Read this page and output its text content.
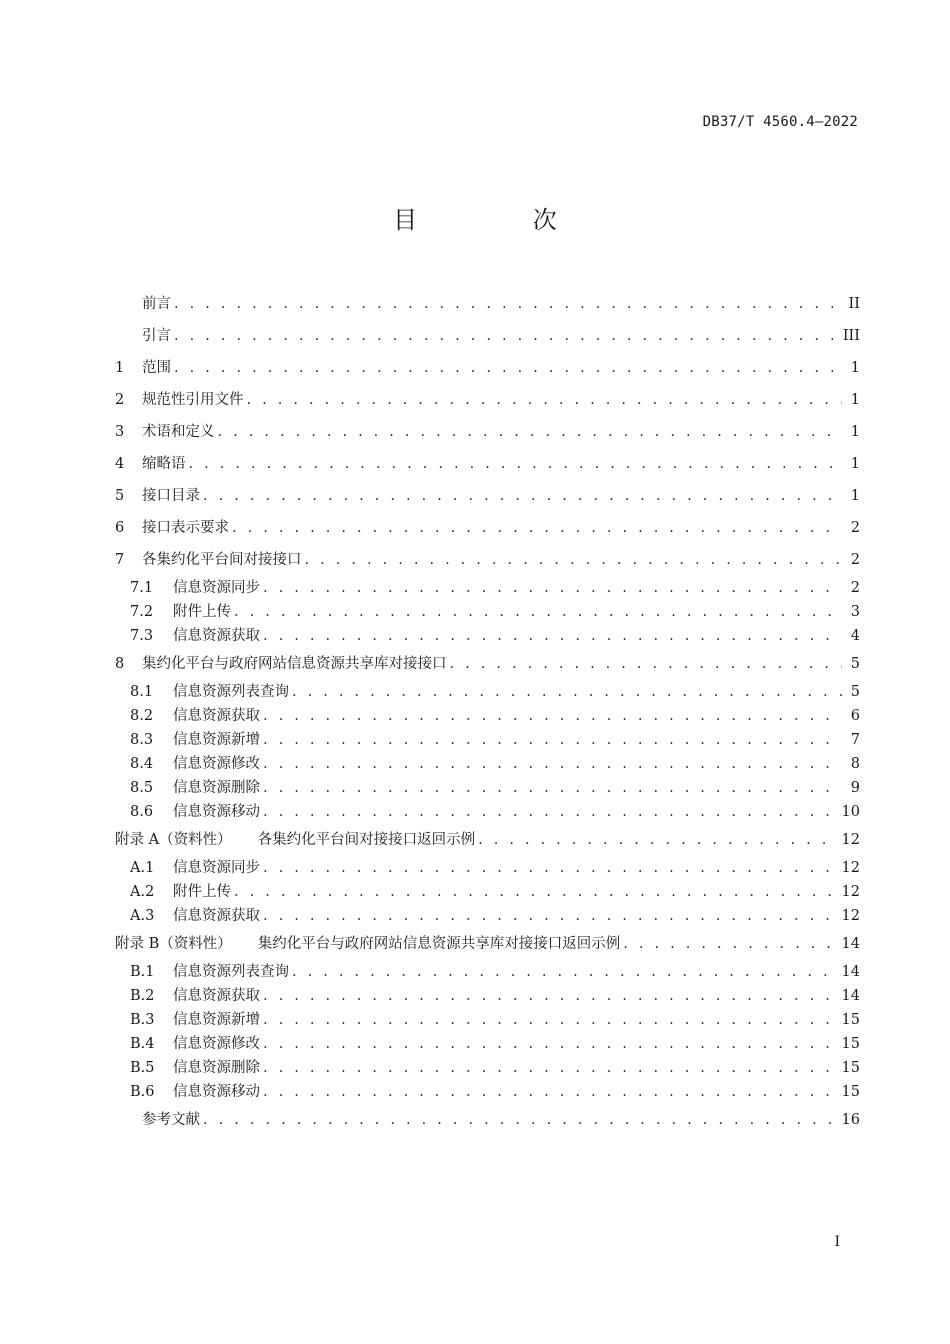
DB37/T 4560.4—2022
目 次
前言 . . .	II
引言 . . .	III
1	范围 . . .	1
2	规范性引用文件 . . .	1
3	术语和定义 . . .	1
4	缩略语 . . .	1
5	接口目录 . . .	1
6	接口表示要求 . . .	2
7	各集约化平台间对接接口 . . .	2
7.1	信息资源同步 . . .	2
7.2	附件上传 . . .	3
7.3	信息资源获取 . . .	4
8	集约化平台与政府网站信息资源共享库对接接口 . . .	5
8.1	信息资源列表查询 . . .	5
8.2	信息资源获取 . . .	6
8.3	信息资源新增 . . .	7
8.4	信息资源修改 . . .	8
8.5	信息资源删除 . . .	9
8.6	信息资源移动 . . .	10
附录 A（资料性） 各集约化平台间对接接口返回示例 . . .	12
A.1	信息资源同步 . . .	12
A.2	附件上传 . . .	12
A.3	信息资源获取 . . .	12
附录 B（资料性） 集约化平台与政府网站信息资源共享库对接接口返回示例 . . .	14
B.1	信息资源列表查询 . . .	14
B.2	信息资源获取 . . .	14
B.3	信息资源新增 . . .	15
B.4	信息资源修改 . . .	15
B.5	信息资源删除 . . .	15
B.6	信息资源移动 . . .	15
参考文献 . . .	16
I
